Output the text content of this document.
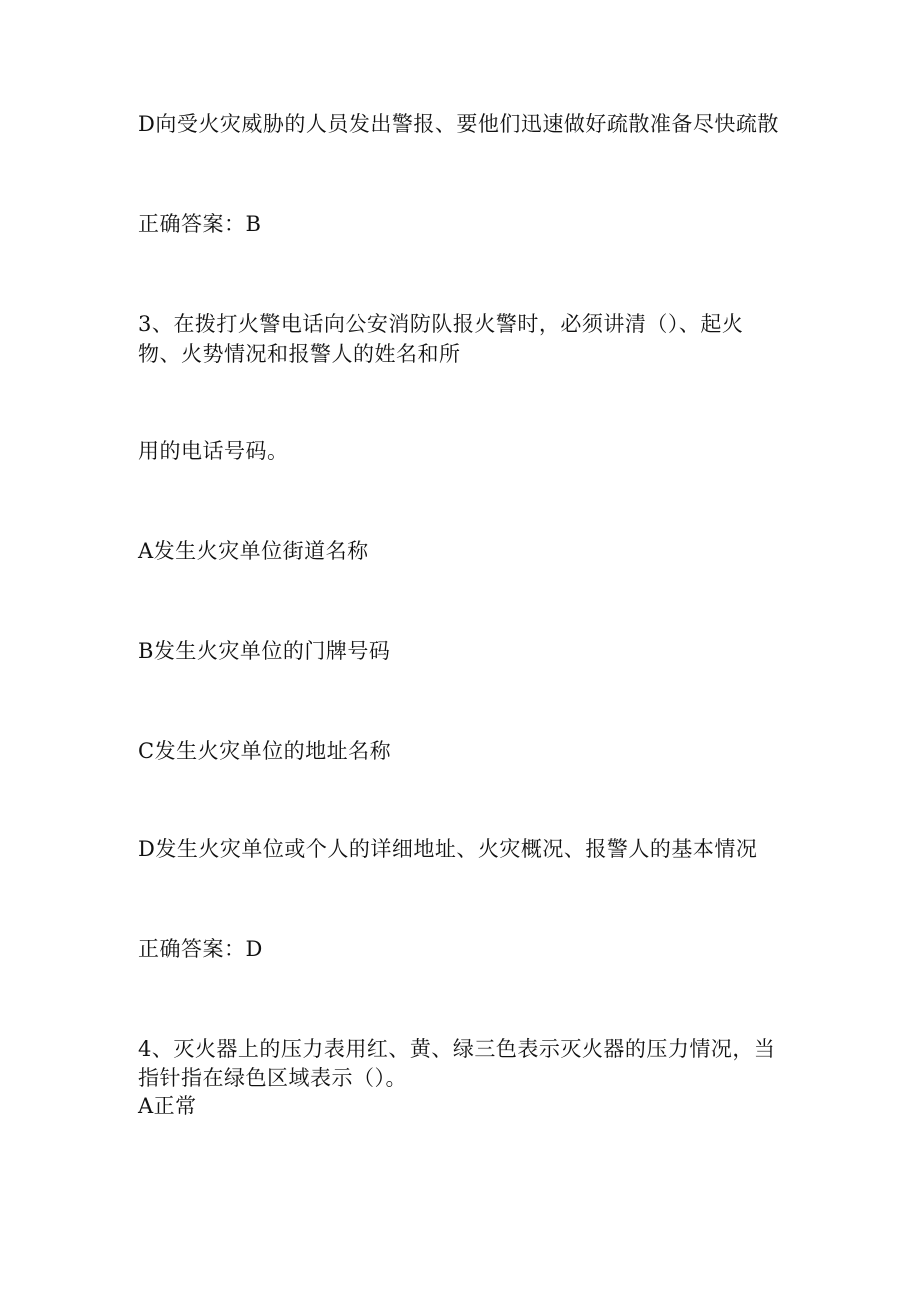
D向受火灾威胁的人员发出警报、要他们迅速做好疏散准备尽快疏散
正确答案：B
3、在拨打火警电话向公安消防队报火警时，必须讲清（）、起火
物、火势情况和报警人的姓名和所
用的电话号码。
A发生火灾单位街道名称
B发生火灾单位的门牌号码
C发生火灾单位的地址名称
D发生火灾单位或个人的详细地址、火灾概况、报警人的基本情况
正确答案：D
4、灭火器上的压力表用红、黄、绿三色表示灭火器的压力情况，当
指针指在绿色区域表示（）。
A正常
